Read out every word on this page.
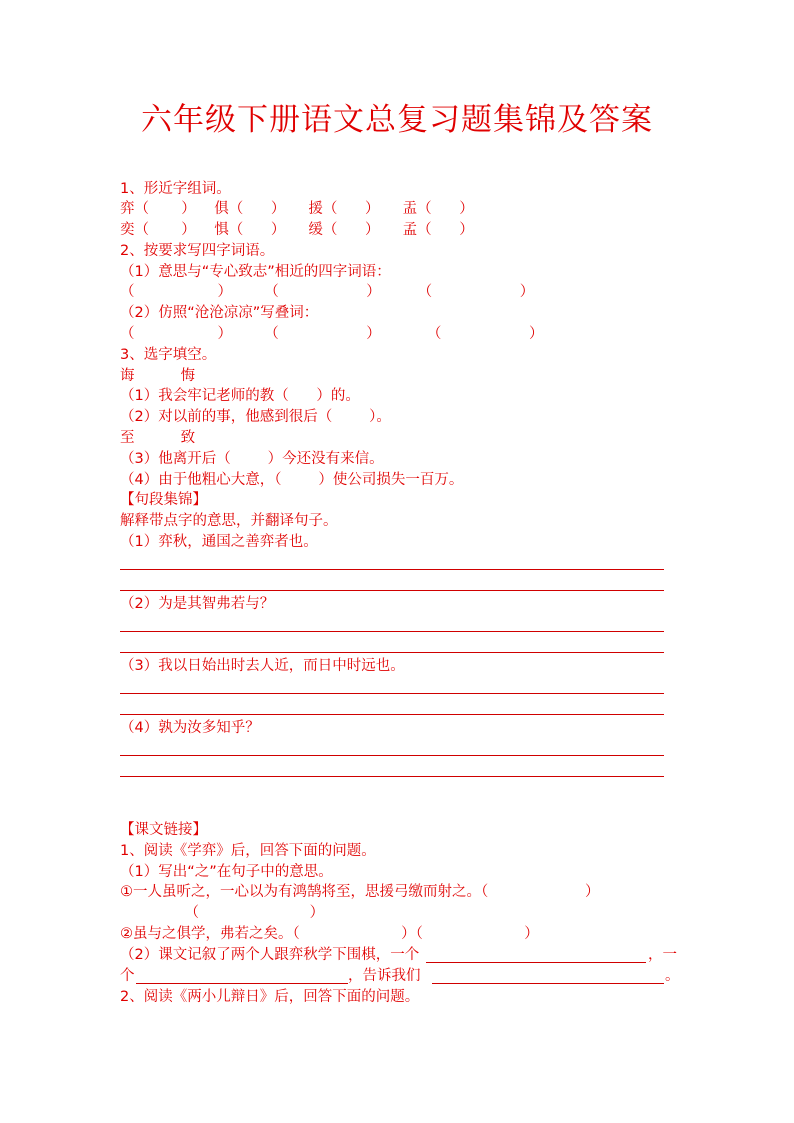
六年级下册语文总复习题集锦及答案
1、形近字组词。
弈（       ）    俱（      ）     援（      ）     盂（      ）
奕（       ）    惧（      ）     缓（      ）     孟（      ）
2、按要求写四字词语。
（1）意思与“专心致志”相近的四字词语：
（                  ）       （                   ）        （                   ）
（2）仿照“沧沧凉凉”写叠词：
（                  ）       （                   ）          （                   ）
3、选字填空。
诲          悔
（1）我会牢记老师的教（      ）的。
（2）对以前的事，他感到很后（        ）。
至          致
（3）他离开后（        ）今还没有来信。
（4）由于他粗心大意，（        ）使公司损失一百万。
【句段集锦】
解释带点字的意思，并翻译句子。
（1）弈秋，通国之善弈者也。
（2）为是其智弗若与？
（3）我以日始出时去人近，而日中时远也。
（4）孰为汝多知乎？
【课文链接】
1、阅读《学弈》后，回答下面的问题。
（1）写出“之”在句子中的意思。
①一人虽听之，一心以为有鸿鹄将至，思援弓缴而射之。（                     ）
（                        ）
②虽与之俱学，弗若之矣。（                      ）（                      ）
（2）课文记叙了两个人跟弈秋学下围棋，一个	，一
个	，告诉我们	。
2、阅读《两小儿辩日》后，回答下面的问题。
